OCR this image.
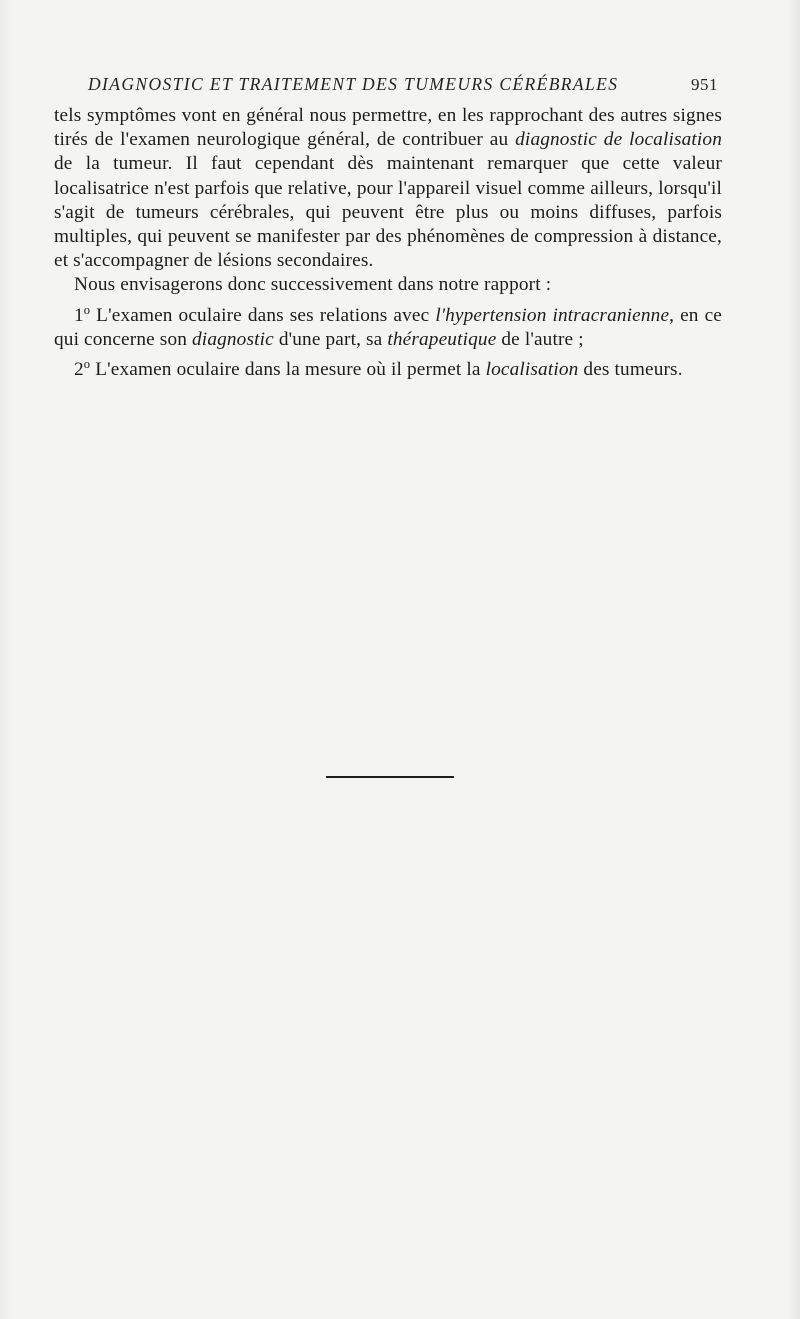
DIAGNOSTIC ET TRAITEMENT DES TUMEURS CÉRÉBRALES	951

tels symptômes vont en général nous permettre, en les rapprochant des autres signes tirés de l'examen neurologique général, de contribuer au diagnostic de localisation de la tumeur. Il faut cependant dès maintenant remarquer que cette valeur localisatrice n'est parfois que relative, pour l'appareil visuel comme ailleurs, lorsqu'il s'agit de tumeurs cérébrales, qui peuvent être plus ou moins diffuses, parfois multiples, qui peuvent se manifester par des phénomènes de compression à distance, et s'accompagner de lésions secondaires.

Nous envisagerons donc successivement dans notre rapport :

1$^o$ L'examen oculaire dans ses relations avec l'hypertension intracranienne, en ce qui concerne son diagnostic d'une part, sa thérapeutique de l'autre ;

2$^o$ L'examen oculaire dans la mesure où il permet la localisation des tumeurs.
